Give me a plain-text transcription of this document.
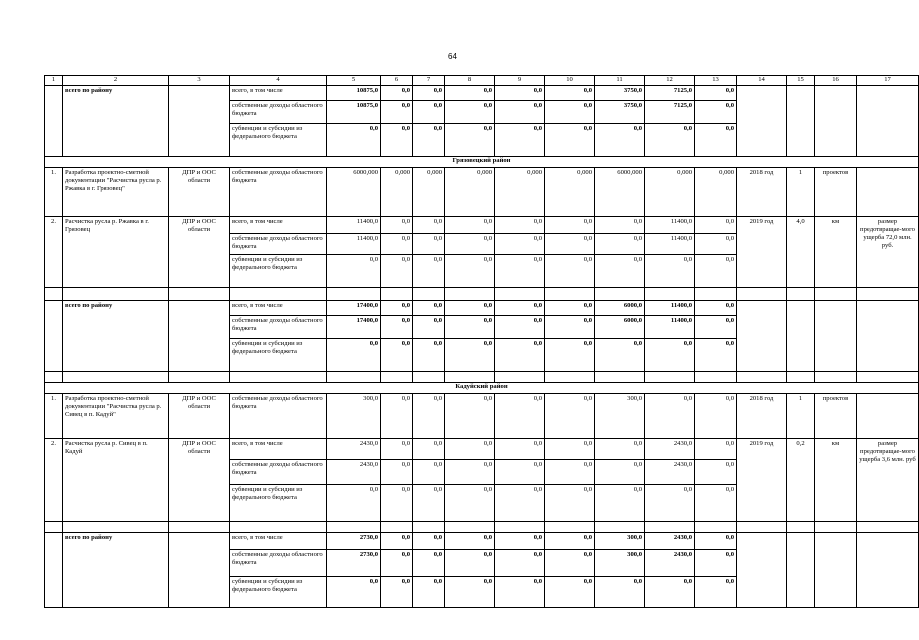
64
1	2	3	4	5	6	7	8	9	10	11	12	13	14	15	16	17
	всего по району		всего, в том числе	10875,0	0,0	0,0	0,0	0,0	0,0	3750,0	7125,0	0,0				
			собственные доходы областного бюджета	10875,0	0,0	0,0	0,0	0,0	0,0	3750,0	7125,0	0,0				
			субвенции и субсидии из федерального бюджета	0,0	0,0	0,0	0,0	0,0	0,0	0,0	0,0	0,0				
Грязовецкий район																
1.	Разработка проектно-сметной документации "Расчистка русла р. Ржавка в г. Грязовец"	ДПР и ООС области	собственные доходы областного бюджета	6000,000	0,000	0,000	0,000	0,000	0,000	6000,000	0,000	0,000	2018 год	1	проектов	
2.	Расчистка русла р. Ржавка в г. Грязовец	ДПР и ООС области	всего, в том числе	11400,0	0,0	0,0	0,0	0,0	0,0	0,0	11400,0	0,0	2019 год	4,0	км	размер предотвращае-мого ущерба 72,0 млн. руб.
			собственные доходы областного бюджета	11400,0	0,0	0,0	0,0	0,0	0,0	0,0	11400,0	0,0				
			субвенции и субсидии из федерального бюджета	0,0	0,0	0,0	0,0	0,0	0,0	0,0	0,0	0,0				

	всего по району		всего, в том числе	17400,0	0,0	0,0	0,0	0,0	0,0	6000,0	11400,0	0,0				
			собственные доходы областного бюджета	17400,0	0,0	0,0	0,0	0,0	0,0	6000,0	11400,0	0,0				
			субвенции и субсидии из федерального бюджета	0,0	0,0	0,0	0,0	0,0	0,0	0,0	0,0	0,0				

Кадуйский район																
1.	Разработка проектно-сметной документации "Расчистка русла р. Сивец в п. Кадуй"	ДПР и ООС области	собственные доходы областного бюджета	300,0	0,0	0,0	0,0	0,0	0,0	300,0	0,0	0,0	2018 год	1	проектов	
2.	Расчистка русла р. Сивец в п. Кадуй	ДПР и ООС области	всего, в том числе	2430,0	0,0	0,0	0,0	0,0	0,0	0,0	2430,0	0,0	2019 год	0,2	км	размер предотвращае-мого ущерба 3,6 млн. руб
			собственные доходы областного бюджета	2430,0	0,0	0,0	0,0	0,0	0,0	0,0	2430,0	0,0				
			субвенции и субсидии из федерального бюджета	0,0	0,0	0,0	0,0	0,0	0,0	0,0	0,0	0,0				

	всего по району		всего, в том числе	2730,0	0,0	0,0	0,0	0,0	0,0	300,0	2430,0	0,0				
			собственные доходы областного бюджета	2730,0	0,0	0,0	0,0	0,0	0,0	300,0	2430,0	0,0				
			субвенции и субсидии из федерального бюджета	0,0	0,0	0,0	0,0	0,0	0,0	0,0	0,0	0,0				
